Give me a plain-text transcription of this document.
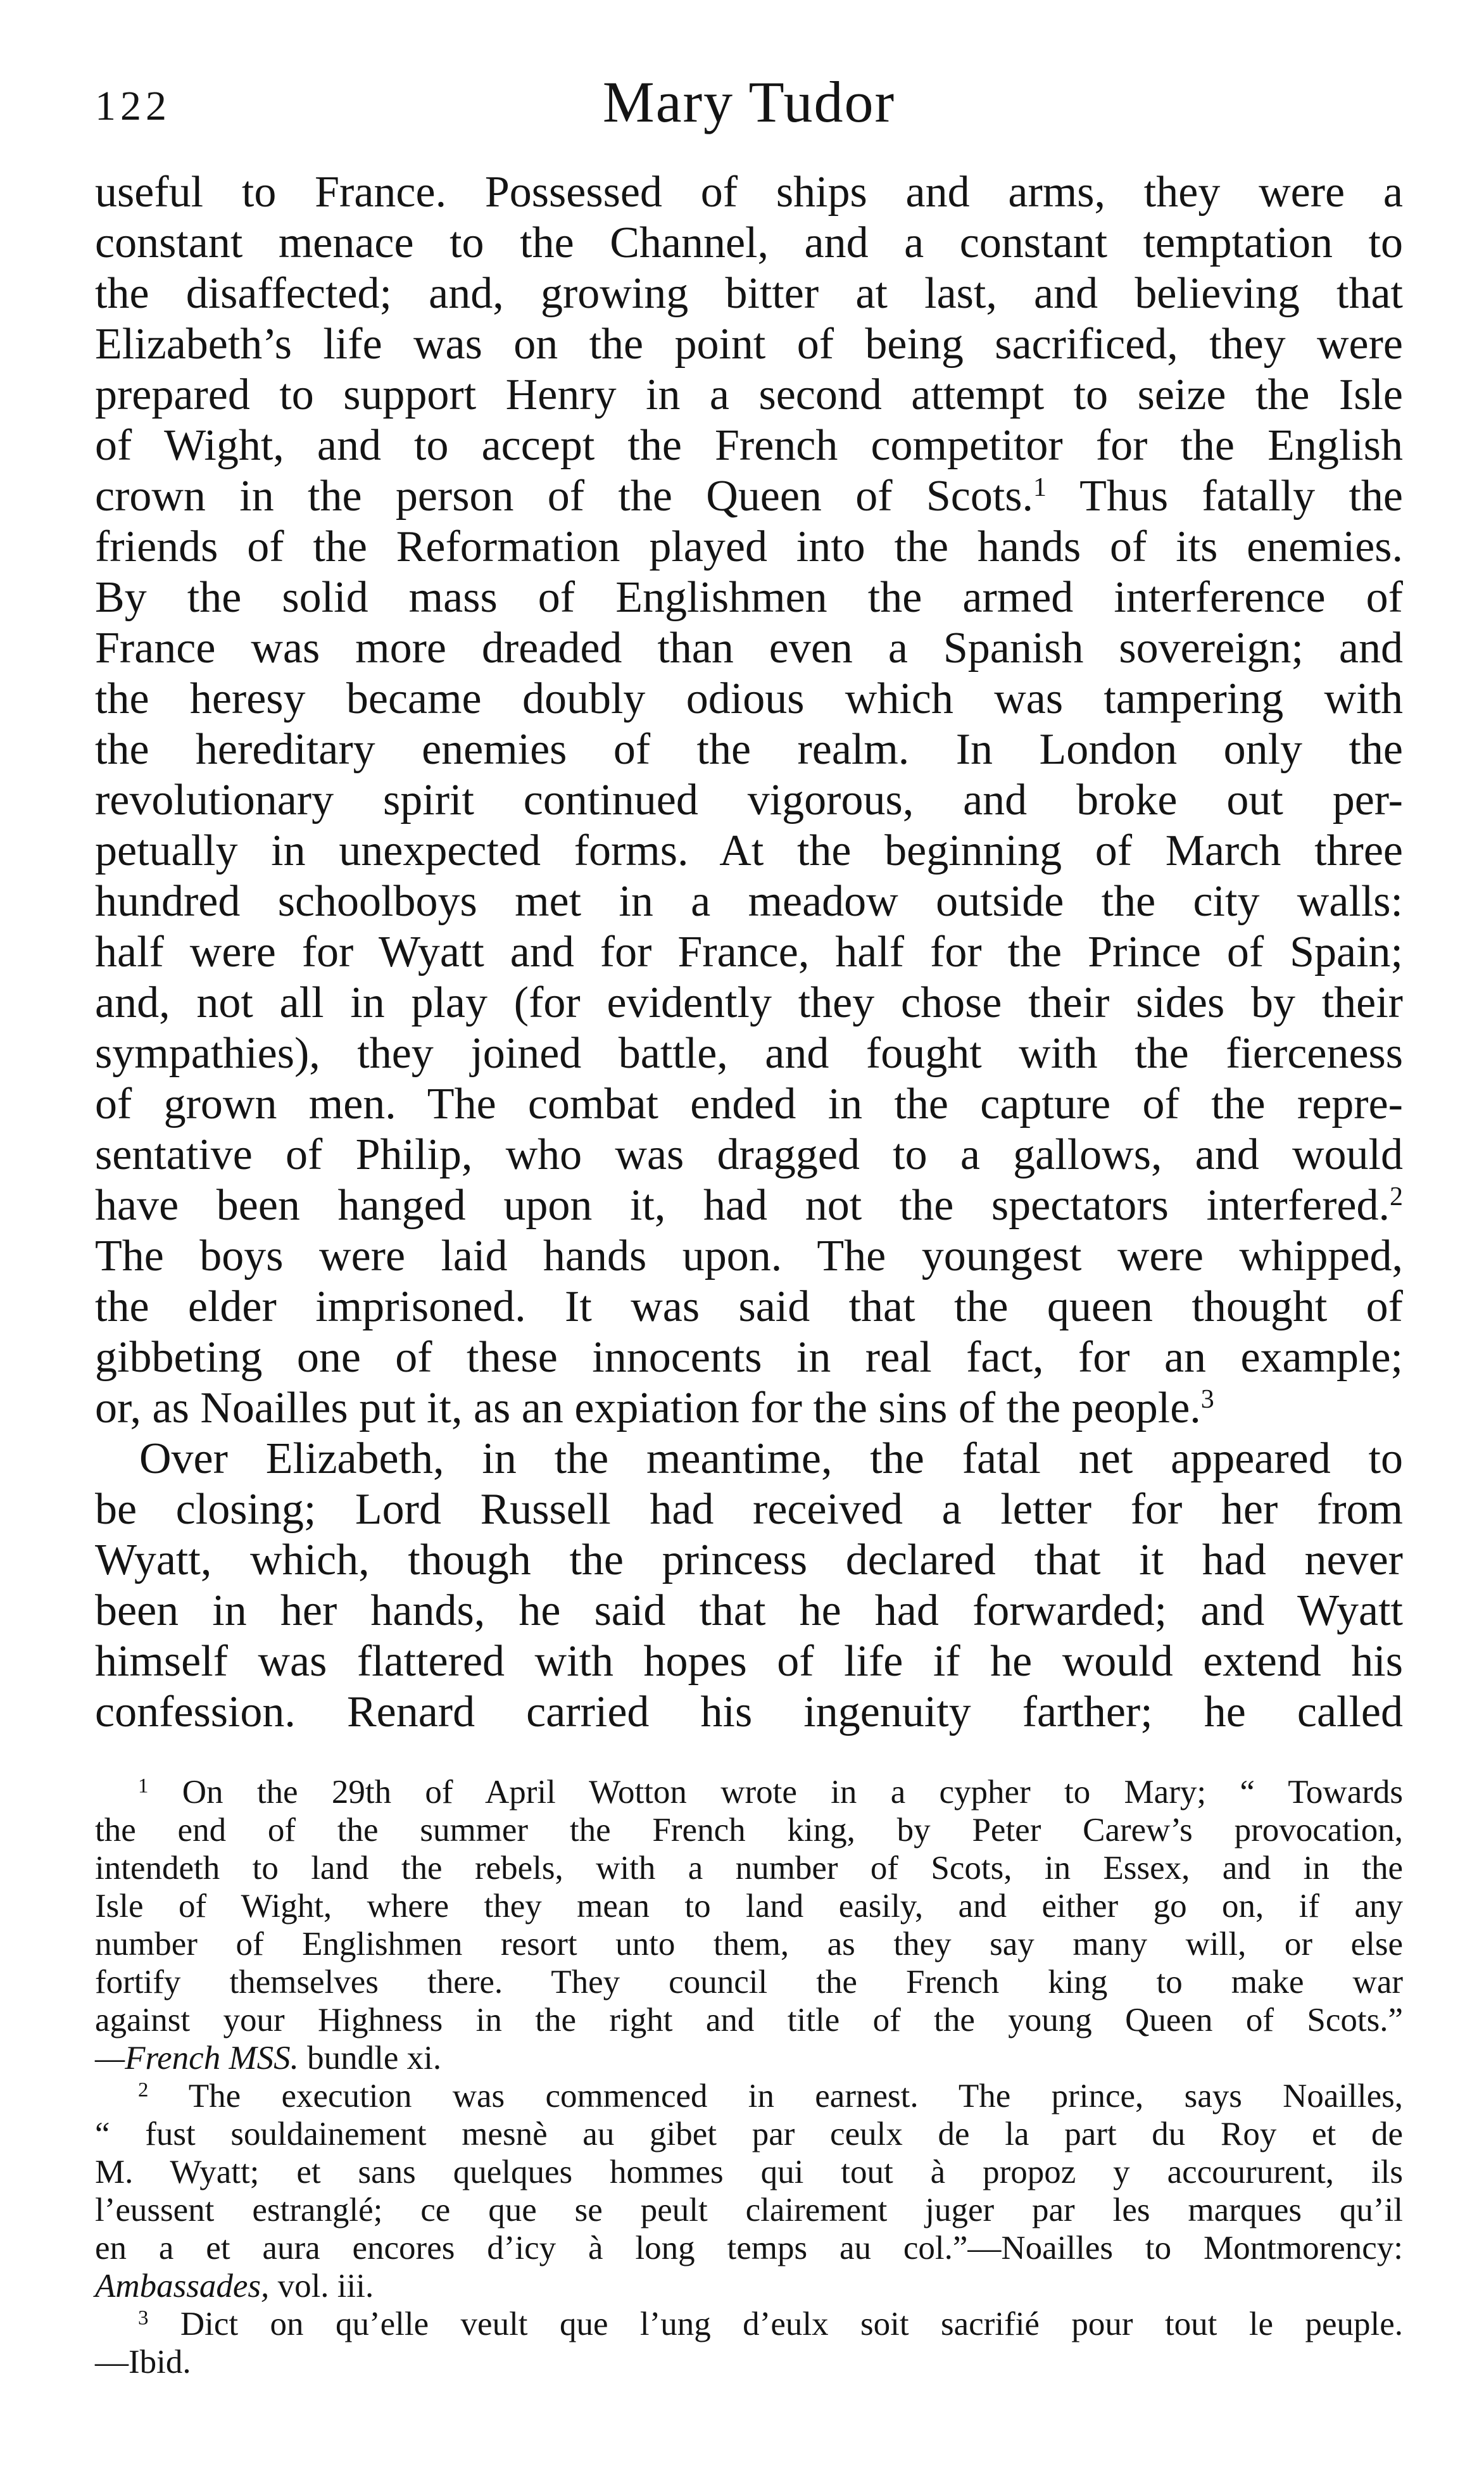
122	Mary Tudor
useful to France. Possessed of ships and arms, they were a
constant menace to the Channel, and a constant temptation to
the disaffected; and, growing bitter at last, and believing that
Elizabeth’s life was on the point of being sacrificed, they were
prepared to support Henry in a second attempt to seize the Isle
of Wight, and to accept the French competitor for the English
crown in the person of the Queen of Scots.$^1$ Thus fatally the
friends of the Reformation played into the hands of its enemies.
By the solid mass of Englishmen the armed interference of
France was more dreaded than even a Spanish sovereign; and
the heresy became doubly odious which was tampering with
the hereditary enemies of the realm. In London only the
revolutionary spirit continued vigorous, and broke out per-
petually in unexpected forms. At the beginning of March three
hundred schoolboys met in a meadow outside the city walls:
half were for Wyatt and for France, half for the Prince of Spain;
and, not all in play (for evidently they chose their sides by their
sympathies), they joined battle, and fought with the fierceness
of grown men. The combat ended in the capture of the repre-
sentative of Philip, who was dragged to a gallows, and would
have been hanged upon it, had not the spectators interfered.$^2$
The boys were laid hands upon. The youngest were whipped,
the elder imprisoned. It was said that the queen thought of
gibbeting one of these innocents in real fact, for an example;
or, as Noailles put it, as an expiation for the sins of the people.$^3$
Over Elizabeth, in the meantime, the fatal net appeared to
be closing; Lord Russell had received a letter for her from
Wyatt, which, though the princess declared that it had never
been in her hands, he said that he had forwarded; and Wyatt
himself was flattered with hopes of life if he would extend his
confession. Renard carried his ingenuity farther; he called
$^1$ On the 29th of April Wotton wrote in a cypher to Mary; “ Towards
the end of the summer the French king, by Peter Carew’s provocation,
intendeth to land the rebels, with a number of Scots, in Essex, and in the
Isle of Wight, where they mean to land easily, and either go on, if any
number of Englishmen resort unto them, as they say many will, or else
fortify themselves there. They council the French king to make war
against your Highness in the right and title of the young Queen of Scots.”
—French MSS. bundle xi.
$^2$ The execution was commenced in earnest. The prince, says Noailles,
“ fust souldainement mesnè au gibet par ceulx de la part du Roy et de
M. Wyatt; et sans quelques hommes qui tout à propoz y accoururent, ils
l’eussent estranglé; ce que se peult clairement juger par les marques qu’il
en a et aura encores d’icy à long temps au col.”—Noailles to Montmorency:
Ambassades, vol. iii.
$^3$ Dict on qu’elle veult que l’ung d’eulx soit sacrifié pour tout le peuple.
—Ibid.
